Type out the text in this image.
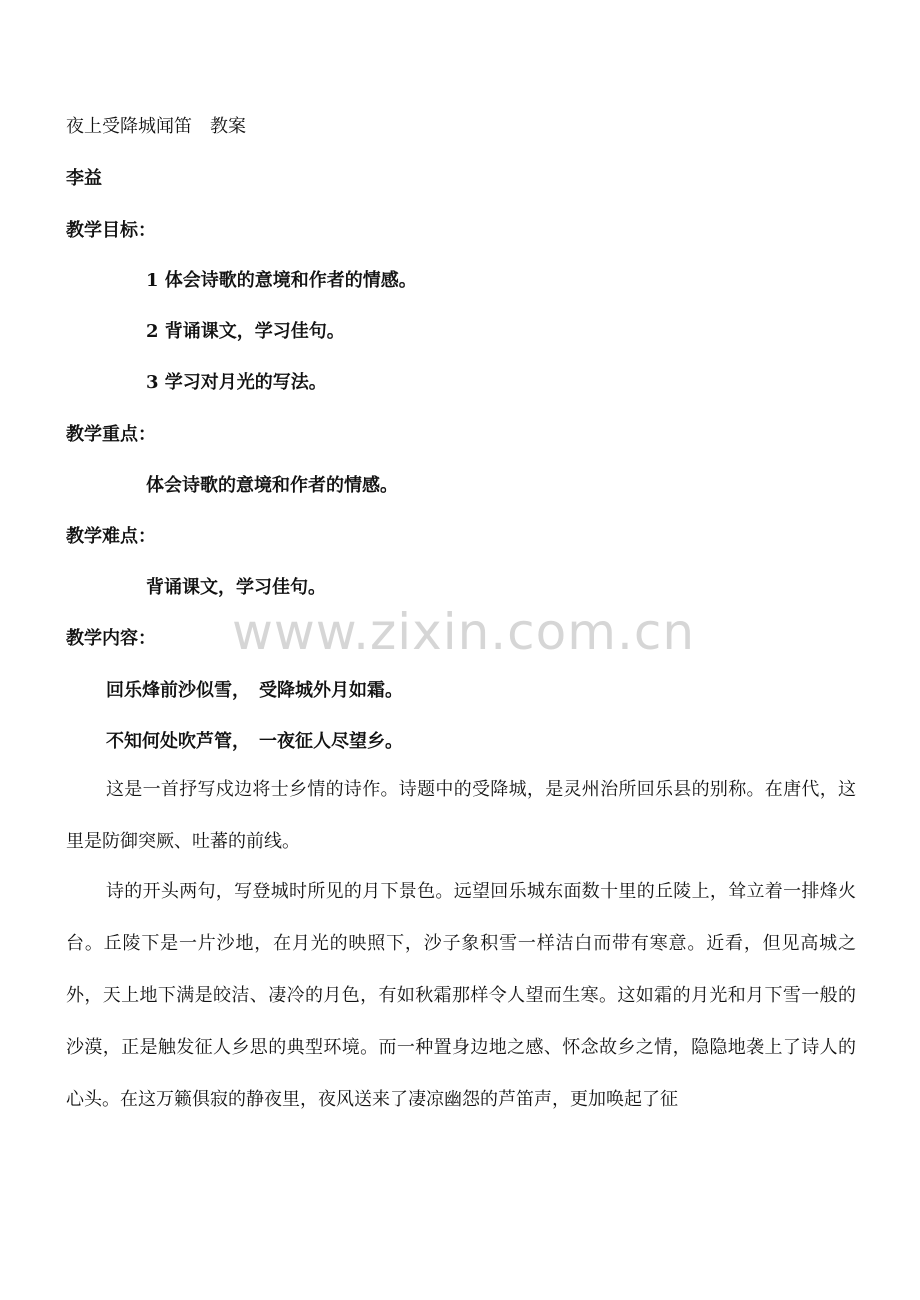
夜上受降城闻笛　教案
李益
教学目标：
1 体会诗歌的意境和作者的情感。
2 背诵课文，学习佳句。
3 学习对月光的写法。
教学重点：
体会诗歌的意境和作者的情感。
教学难点：
背诵课文，学习佳句。
教学内容：
回乐烽前沙似雪，　受降城外月如霜。
不知何处吹芦管，　一夜征人尽望乡。
这是一首抒写戍边将士乡情的诗作。诗题中的受降城，是灵州治所回乐县的别称。在唐代，这里是防御突厥、吐蕃的前线。
诗的开头两句，写登城时所见的月下景色。远望回乐城东面数十里的丘陵上，耸立着一排烽火台。丘陵下是一片沙地，在月光的映照下，沙子象积雪一样洁白而带有寒意。近看，但见高城之外，天上地下满是皎洁、凄冷的月色，有如秋霜那样令人望而生寒。这如霜的月光和月下雪一般的沙漠，正是触发征人乡思的典型环境。而一种置身边地之感、怀念故乡之情，隐隐地袭上了诗人的心头。在这万籁俱寂的静夜里，夜风送来了凄凉幽怨的芦笛声，更加唤起了征
www.zixin.com.cn
